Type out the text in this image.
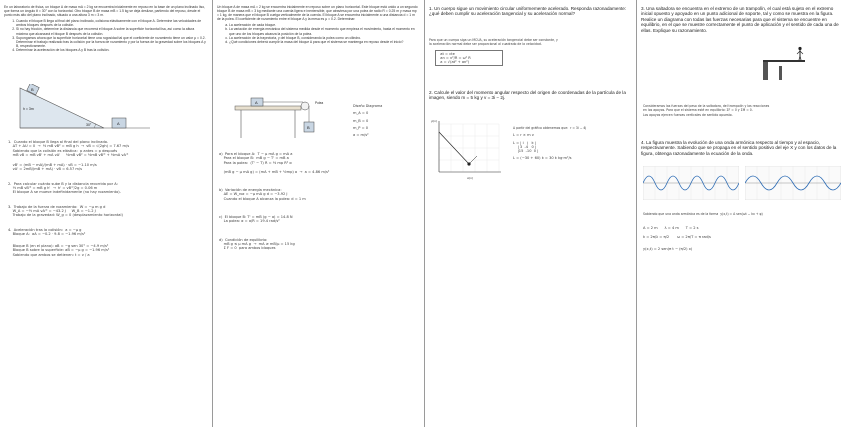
En un laboratorio de física, un bloque A de masa mA = 2 kg se encuentra inicialmente en reposo en la base de un plano inclinado liso, que forma un ángulo θ = 30° con la horizontal. Otro bloque B de masa mB = 1.5 kg se deja deslizar, partiendo del reposo, desde el punto más alto del plano inclinado, situado a una altura 3 m = 3 m.

1. Cuando el bloque B llega al final del plano inclinado, colisiona elásticamente con el bloque A. Determine las velocidades de ambos bloques después de la colisión.
2. Si no hay fricción, determine la distancia que recorrerá el bloque A sobre la superficie horizontal lisa, así como la altura máxima que alcanzará el bloque B después de la colisión.
3. Supongamos ahora que la superficie horizontal tiene una rugosidad tal que el coeficiente de rozamiento tiene un valor μ = 0.2. Determinar el trabajo realizado tras la colisión por la fuerza de rozamiento y por la fuerza de la gravedad sobre los bloques A y B, respectivamente.
4. Determinar la aceleración de los bloques A y B tras la colisión.
B
30°	A
h = 3m
1.  Cuando el bloque B llega al final del plano inclinado.
ΔT + ΔU = 0  →  ½ mB vB² = mB g h  →  vB = √(2gh) = 7.67 m/s
Sabiendo que la colisión es elástica:  p antes = p después
mB vB = mB vB' + mA vA'     ½mB vB² = ½mB vB'² + ½mA vA'²
vB' = (mB − mA)/(mB + mA) · vB = −1.10 m/s
vA' = 2mB/(mB + mA) · vB = 6.57 m/s
2.  Para calcular cuánto sube B y la distancia recorrida por A:
½ mB vB'² = mB g h'  →  h' = vB'²/2g = 0.06 m
El bloque A se mueve indefinidamente (no hay rozamiento).
3.  Trabajo de la fuerza de rozamiento:  W = −μ m g d
W_A = −½ mA vA'² = −43.2 J     W_B = −1.2 J
Trabajo de la gravedad: W_g = 0 (desplazamiento horizontal)
4.  Aceleración tras la colisión:  a = −μ g
Bloque A:  aA = −0.2 · 9.8 = −1.96 m/s²
Bloque B (en el plano): aB = −g sen 30° = −4.9 m/s²
Bloque B sobre la superficie: aB = −μ g = −1.96 m/s²
Sabiendo que ambos se detienen: t = v / a

Un bloque A de masa mA = 2 kg se encuentra inicialmente en reposo sobre un plano horizontal. Este bloque está unido a un segundo bloque B de masa mB = 3 kg mediante una cuerda ligera e inextensible, que atraviesa por una polea de radio R = 0.25 m y masa mp = 1 kg, de manera que el bloque B cuelga verticalmente de la cuerda. El bloque A se encuentra inicialmente a una distancia d = 1 m de la polea. El coeficiente de rozamiento entre el bloque A y la mesa es μ = 0.2. Determinar:

a. La aceleración de cada bloque.
b. La variación de energía mecánica del sistema medida desde el momento que empieza el movimiento, hasta el momento en que uno de los bloques alcanza la posición de la polea.
c. La aceleración de la trayectoria, y del bloque B, considerando la polea como un cilindro.
d. ¿Qué condiciones deberá cumplir la masa del bloque A para que el sistema se mantenga en reposo desde el inicio?
A
B
Polea
Diseño Diagrama
m_A = 0
m_B = 0
m_P = 0
a = m/s²
a)  Para el bloque A:  T − μ mA g = mA a
Para el bloque B:  mB g − T' = mB a
Para la polea:  (T' − T) R = ½ mp R² α
(mB g − μ mA g) = (mA + mB + ½mp) a  →  a = 4.86 m/s²
b)  Variación de energía mecánica:
ΔE = W_roz = −μ mA g d = −3.92 J
Cuando el bloque A alcanza la polea: d = 1 m
c)  El bloque B: T' = mB (g − a) = 14.8 N
La polea: α = a/R = 19.4 rad/s²
d)  Condición de equilibrio:
mB g ≤ μ mA g  →  mA ≥ mB/μ = 15 kg
Σ F = 0  para ambos bloques
1. Un cuerpo sigue un movimiento circular uniformemente acelerado. Responda razonadamente: ¿qué deben cumplir su aceleración tangencial y su aceleración normal?
Para que un cuerpo siga un MCUA, su aceleración tangencial debe ser constante, y
la aceleración normal debe ser proporcional al cuadrado de la velocidad.
at = cte
an = v²/R = ω² R
a = √(at² + an²)
2. Calcule el valor del momento angular respecto del origen de coordenadas de la partícula de la imagen, siendo m = 5 kg y v = 3i − 2j.
x(m)
y(m)
A partir del gráfico obtenemos que:  r = 3i − 4j
L = r × m v
L = | i   j   k |
| 3  -4   0 |
|15  -10  0 |
L = (−30 + 60) k = 30 k kg·m²/s
3. Una saltadora se encuentra en el extremo de un trampolín, el cual está sujeto en el extremo inicial opuesto y apoyado en un punto adicional de soporte, tal y como se muestra en la figura. Realice un diagrama con todas las fuerzas necesarias para que el sistema se encuentre en equilibrio, en el que se muestre correctamente el punto de aplicación y el sentido de cada una de ellas. Explique su razonamiento.
Consideramos las fuerzas del peso de la saltadora, del trampolín y las reacciones
en los apoyos. Para que el sistema esté en equilibrio: ΣF = 0 y ΣM = 0.
Los apoyos ejercen fuerzas verticales de sentido opuesto.
4. La figura muestra la evolución de una onda armónica respecto al tiempo y al espacio, respectivamente. Sabiendo que se propaga en el sentido positivo del eje X y con los datos de la figura, obtenga razonadamente la ecuación de la onda.
Sabiendo que una onda armónica es de la forma  y(x,t) = A sen(ωt − kx + φ)
A = 2 m      λ = 4 m      T = 2 s
k = 2π/λ = π/2       ω = 2π/T = π rad/s
y(x,t) = 2 sen(π t − (π/2) x)
